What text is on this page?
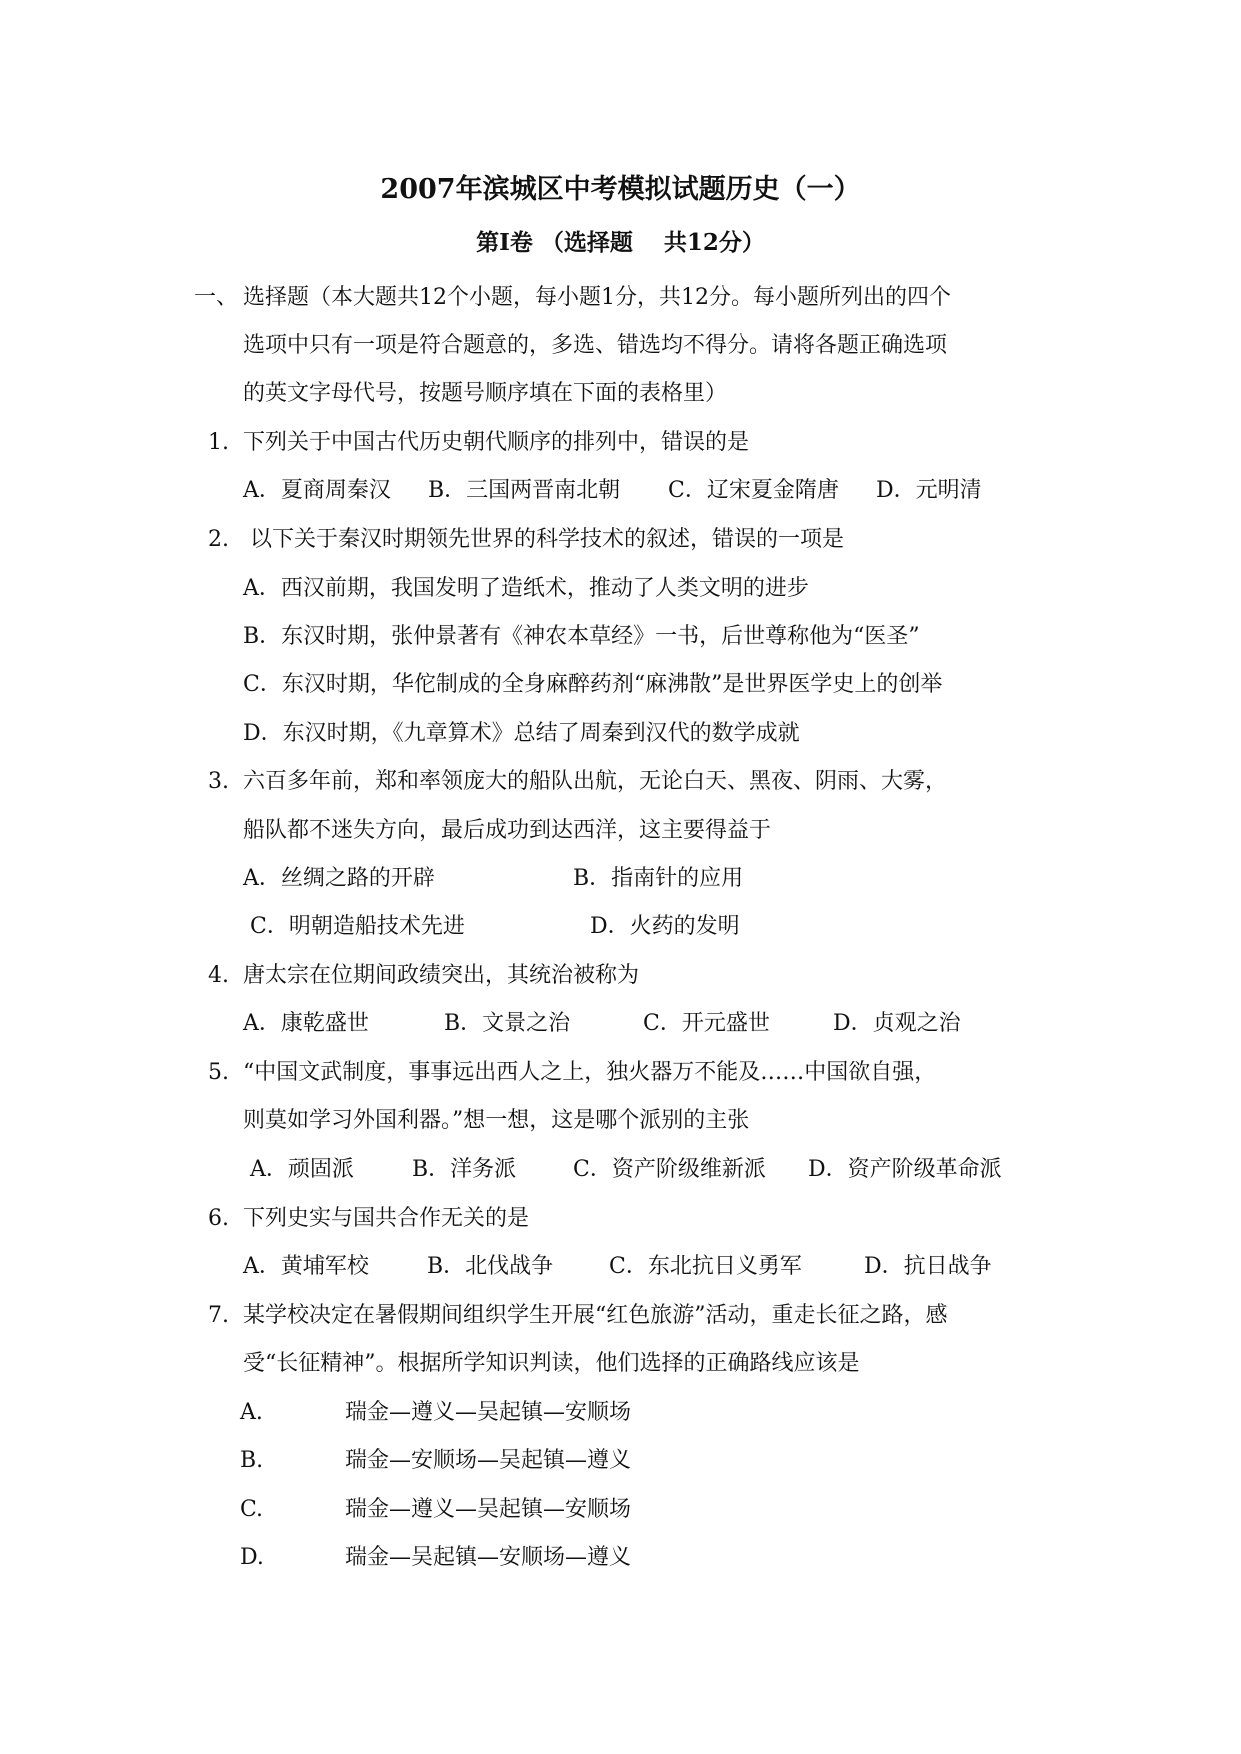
2007年滨城区中考模拟试题历史（一）
第Ⅰ卷 （选择题　 共12分）
一、 选择题（本大题共12个小题，每小题1分，共12分。每小题所列出的四个
选项中只有一项是符合题意的，多选、错选均不得分。请将各题正确选项
的英文字母代号，按题号顺序填在下面的表格里）
1. 下列关于中国古代历史朝代顺序的排列中，错误的是
A．夏商周秦汉 B．三国两晋南北朝 C．辽宋夏金隋唐 D．元明清
2. 以下关于秦汉时期领先世界的科学技术的叙述，错误的一项是
A．西汉前期，我国发明了造纸术，推动了人类文明的进步
B．东汉时期，张仲景著有《神农本草经》一书，后世尊称他为“医圣”
C．东汉时期，华佗制成的全身麻醉药剂“麻沸散”是世界医学史上的创举
D．东汉时期，《九章算术》总结了周秦到汉代的数学成就
3. 六百多年前，郑和率领庞大的船队出航，无论白天、黑夜、阴雨、大雾，
船队都不迷失方向，最后成功到达西洋，这主要得益于
A．丝绸之路的开辟	B．指南针的应用
C．明朝造船技术先进	D．火药的发明
4. 唐太宗在位期间政绩突出，其统治被称为
A．康乾盛世	B．文景之治	C．开元盛世	D．贞观之治
5. “中国文武制度，事事远出西人之上，独火器万不能及……中国欲自强，
则莫如学习外国利器。”想一想，这是哪个派别的主张
A．顽固派	B．洋务派	C．资产阶级维新派 D．资产阶级革命派
6. 下列史实与国共合作无关的是
A．黄埔军校	B．北伐战争	C．东北抗日义勇军	D．抗日战争
7. 某学校决定在暑假期间组织学生开展“红色旅游”活动，重走长征之路，感
受“长征精神”。根据所学知识判读，他们选择的正确路线应该是
A.	瑞金—遵义—吴起镇—安顺场
B.	瑞金—安顺场—吴起镇—遵义
C.	瑞金—遵义—吴起镇—安顺场
D.	瑞金—吴起镇—安顺场—遵义
